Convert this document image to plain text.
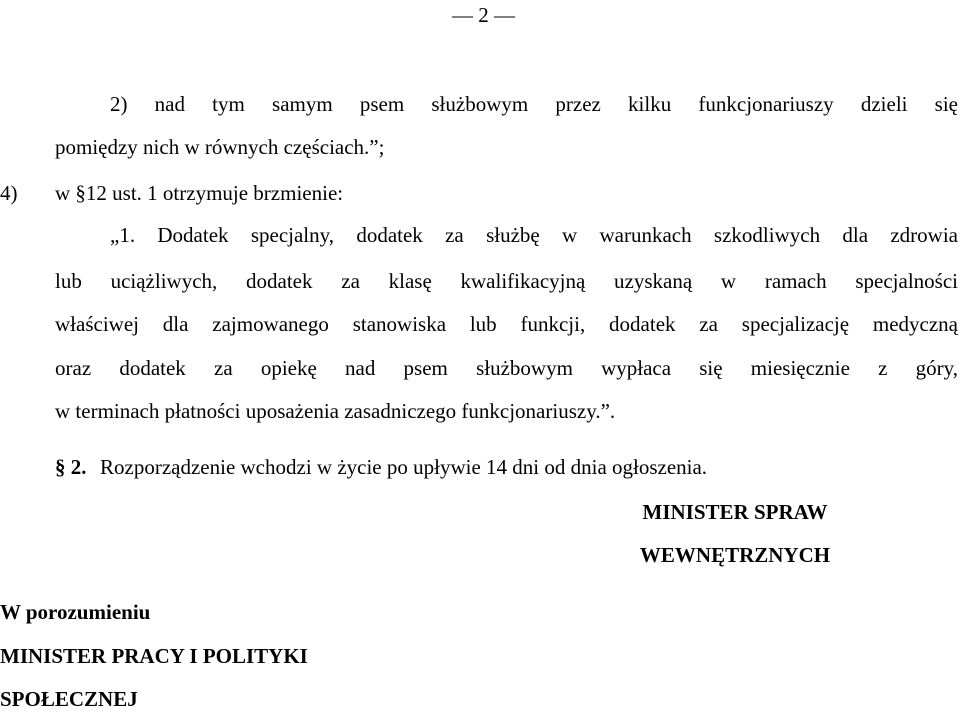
— 2 —
2) nad tym samym psem służbowym przez kilku funkcjonariuszy dzieli się
pomiędzy nich w równych częściach.”;
4) w §12 ust. 1 otrzymuje brzmienie:
„1. Dodatek specjalny, dodatek za służbę w warunkach szkodliwych dla zdrowia
lub uciążliwych, dodatek za klasę kwalifikacyjną uzyskaną w ramach specjalności
właściwej dla zajmowanego stanowiska lub funkcji, dodatek za specjalizację medyczną
oraz dodatek za opiekę nad psem służbowym wypłaca się miesięcznie z góry,
w terminach płatności uposażenia zasadniczego funkcjonariuszy.”.
§ 2. Rozporządzenie wchodzi w życie po upływie 14 dni od dnia ogłoszenia.
MINISTER SPRAW
WEWNĘTRZNYCH
W porozumieniu
MINISTER PRACY I POLITYKI
SPOŁECZNEJ
